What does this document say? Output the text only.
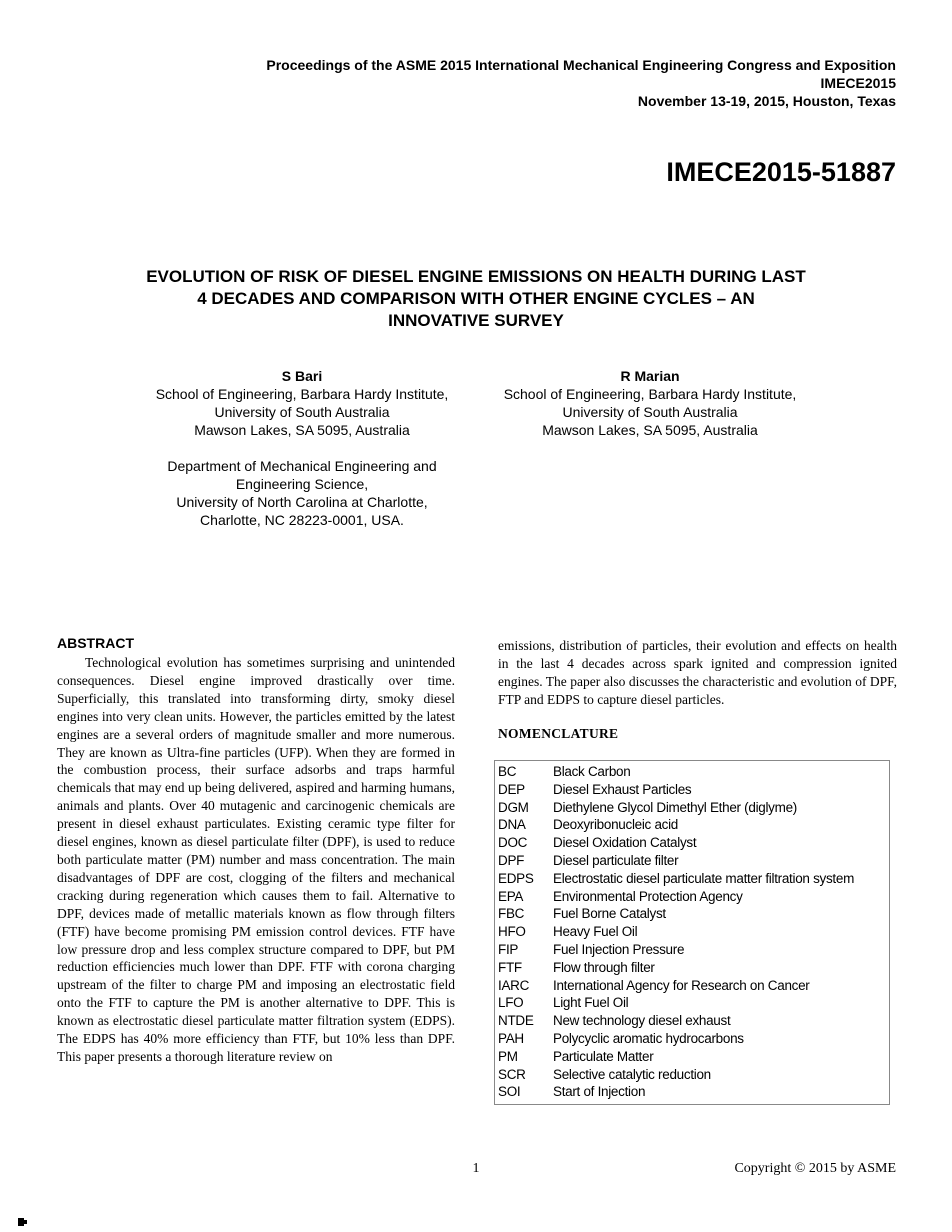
Proceedings of the ASME 2015 International Mechanical Engineering Congress and Exposition
IMECE2015
November 13-19, 2015, Houston, Texas
IMECE2015-51887
EVOLUTION OF RISK OF DIESEL ENGINE EMISSIONS ON HEALTH DURING LAST
4 DECADES AND COMPARISON WITH OTHER ENGINE CYCLES – AN
INNOVATIVE SURVEY
S Bari
School of Engineering, Barbara Hardy Institute,
University of South Australia
Mawson Lakes, SA 5095, Australia
R Marian
School of Engineering, Barbara Hardy Institute,
University of South Australia
Mawson Lakes, SA 5095, Australia
Department of Mechanical Engineering and
Engineering Science,
University of North Carolina at Charlotte,
Charlotte, NC 28223-0001, USA.
ABSTRACT
Technological evolution has sometimes surprising and unintended consequences. Diesel engine improved drastically over time. Superficially, this translated into transforming dirty, smoky diesel engines into very clean units. However, the particles emitted by the latest engines are a several orders of magnitude smaller and more numerous. They are known as Ultra-fine particles (UFP). When they are formed in the combustion process, their surface adsorbs and traps harmful chemicals that may end up being delivered, aspired and harming humans, animals and plants. Over 40 mutagenic and carcinogenic chemicals are present in diesel exhaust particulates. Existing ceramic type filter for diesel engines, known as diesel particulate filter (DPF), is used to reduce both particulate matter (PM) number and mass concentration. The main disadvantages of DPF are cost, clogging of the filters and mechanical cracking during regeneration which causes them to fail. Alternative to DPF, devices made of metallic materials known as flow through filters (FTF) have become promising PM emission control devices. FTF have low pressure drop and less complex structure compared to DPF, but PM reduction efficiencies much lower than DPF. FTF with corona charging upstream of the filter to charge PM and imposing an electrostatic field onto the FTF to capture the PM is another alternative to DPF. This is known as electrostatic diesel particulate matter filtration system (EDPS). The EDPS has 40% more efficiency than FTF, but 10% less than DPF. This paper presents a thorough literature review on
emissions, distribution of particles, their evolution and effects on health in the last 4 decades across spark ignited and compression ignited engines. The paper also discusses the characteristic and evolution of DPF, FTP and EDPS to capture diesel particles.
NOMENCLATURE
BC	Black Carbon
DEP	Diesel Exhaust Particles
DGM	Diethylene Glycol Dimethyl Ether (diglyme)
DNA	Deoxyribonucleic acid
DOC	Diesel Oxidation Catalyst
DPF	Diesel particulate filter
EDPS	Electrostatic diesel particulate matter filtration system
EPA	Environmental Protection Agency
FBC	Fuel Borne Catalyst
HFO	Heavy Fuel Oil
FIP	Fuel Injection Pressure
FTF	Flow through filter
IARC	International Agency for Research on Cancer
LFO	Light Fuel Oil
NTDE	New technology diesel exhaust
PAH	Polycyclic aromatic hydrocarbons
PM	Particulate Matter
SCR	Selective catalytic reduction
SOI	Start of Injection
1	Copyright © 2015 by ASME
